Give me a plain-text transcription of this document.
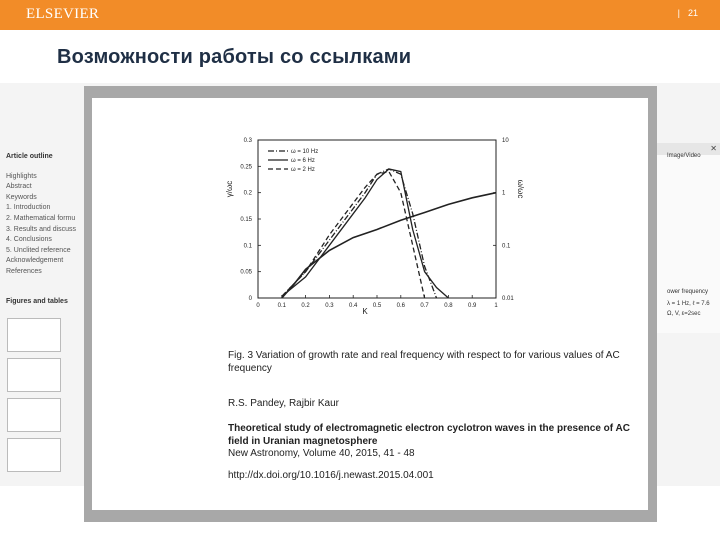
ELSEVIER	| 21
Возможности работы со ссылками
Article outline
Highlights
Abstract
Keywords
1. Introduction
2. Mathematical formu
3. Results and discuss
4. Conclusions
5. Unclited reference
Acknowledgement
References
Figures and tables
Image/Video
✕
ower frequency
λ = 1 Hz, ℓ = 7.6
Ω, V, ε=2sec
0	0.1	0.2	0.3	0.4	0.5	0.6	0.7	0.8	0.9	1
0
0.05
0.1
0.15
0.2
0.25
0.3
0.01
0.1
1
10
K
γ/ωc	ω/ωc
ω = 10 Hz
ω = 6 Hz
ω = 2 Hz
Fig. 3 Variation of growth rate and real frequency with respect to for various values of AC
frequency
R.S. Pandey, Rajbir Kaur
Theoretical study of electromagnetic electron cyclotron waves in the presence of AC
field in Uranian magnetosphere
New Astronomy, Volume 40, 2015, 41 - 48
http://dx.doi.org/10.1016/j.newast.2015.04.001
